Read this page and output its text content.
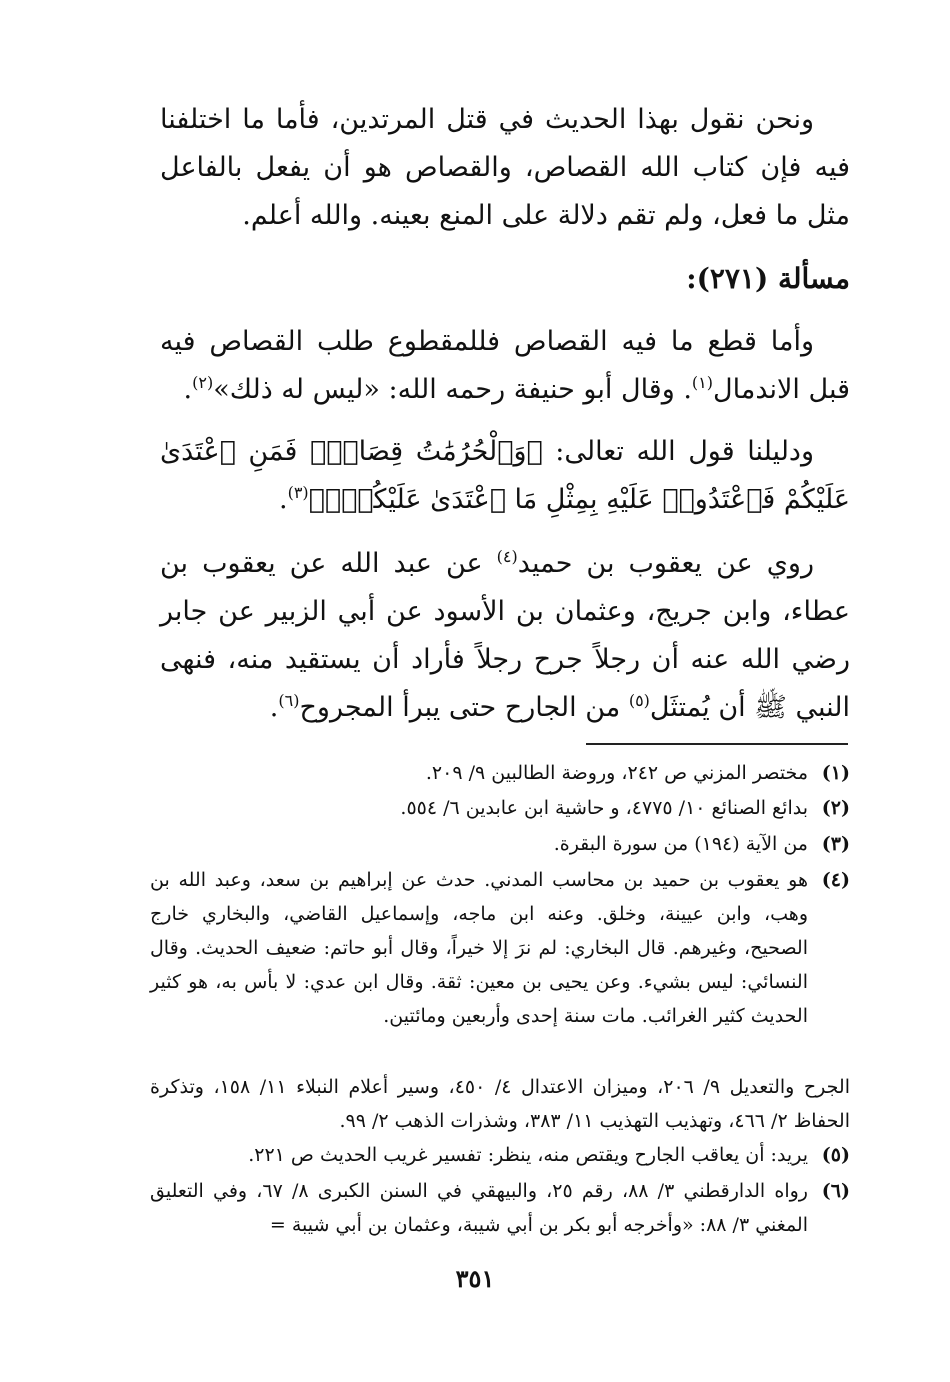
ونحن نقول بهذا الحديث في قتل المرتدين، فأما ما اختلفنا فيه فإن كتاب الله القصاص، والقصاص هو أن يفعل بالفاعل مثل ما فعل، ولم تقم دلالة على المنع بعينه. والله أعلم.

مسألة (٢٧١):

وأما قطع ما فيه القصاص فللمقطوع طلب القصاص فيه قبل الاندمال$^{(١)}$. وقال أبو حنيفة رحمه الله: «ليس له ذلك»$^{(٢)}$.

ودليلنا قول الله تعالى: ﴿وَٱلْحُرُمَٰتُ قِصَاصٌۚ فَمَنِ ٱعْتَدَىٰ عَلَيْكُمْ فَٱعْتَدُوا۟ عَلَيْهِ بِمِثْلِ مَا ٱعْتَدَىٰ عَلَيْكُمْۚ﴾$^{(٣)}$.

روي عن يعقوب بن حميد$^{(٤)}$ عن عبد الله عن يعقوب بن عطاء، وابن جريج، وعثمان بن الأسود عن أبي الزبير عن جابر رضي الله عنه أن رجلاً جرح رجلاً فأراد أن يستقيد منه، فنهى النبي ﷺ أن يُمتثَل$^{(٥)}$ من الجارح حتى يبرأ المجروح$^{(٦)}$.

(١)
مختصر المزني ص ٢٤٢، وروضة الطالبين ٩/ ٢٠٩.
(٢)
بدائع الصنائع ١٠/ ٤٧٧٥، و حاشية ابن عابدين ٦/ ٥٥٤.
(٣)
من الآية (١٩٤) من سورة البقرة.
(٤)
هو يعقوب بن حميد بن محاسب المدني. حدث عن إبراهيم بن سعد، وعبد الله بن وهب، وابن عيينة، وخلق. وعنه ابن ماجه، وإسماعيل القاضي، والبخاري خارج الصحيح، وغيرهم. قال البخاري: لم نرَ إلا خيراً، وقال أبو حاتم: ضعيف الحديث. وقال النسائي: ليس بشيء. وعن يحيى بن معين: ثقة. وقال ابن عدي: لا بأس به، هو كثير الحديث كثير الغرائب. مات سنة إحدى وأربعين ومائتين.
الجرح والتعديل ٩/ ٢٠٦، وميزان الاعتدال ٤/ ٤٥٠، وسير أعلام النبلاء ١١/ ١٥٨، وتذكرة الحفاظ ٢/ ٤٦٦، وتهذيب التهذيب ١١/ ٣٨٣، وشذرات الذهب ٢/ ٩٩.
(٥)
يريد: أن يعاقب الجارح ويقتص منه، ينظر: تفسير غريب الحديث ص ٢٢١.
(٦)
رواه الدارقطني ٣/ ٨٨، رقم ٢٥، والبيهقي في السنن الكبرى ٨/ ٦٧، وفي التعليق المغني ٣/ ٨٨: «وأخرجه أبو بكر بن أبي شيبة، وعثمان بن أبي شيبة =
٣٥١
